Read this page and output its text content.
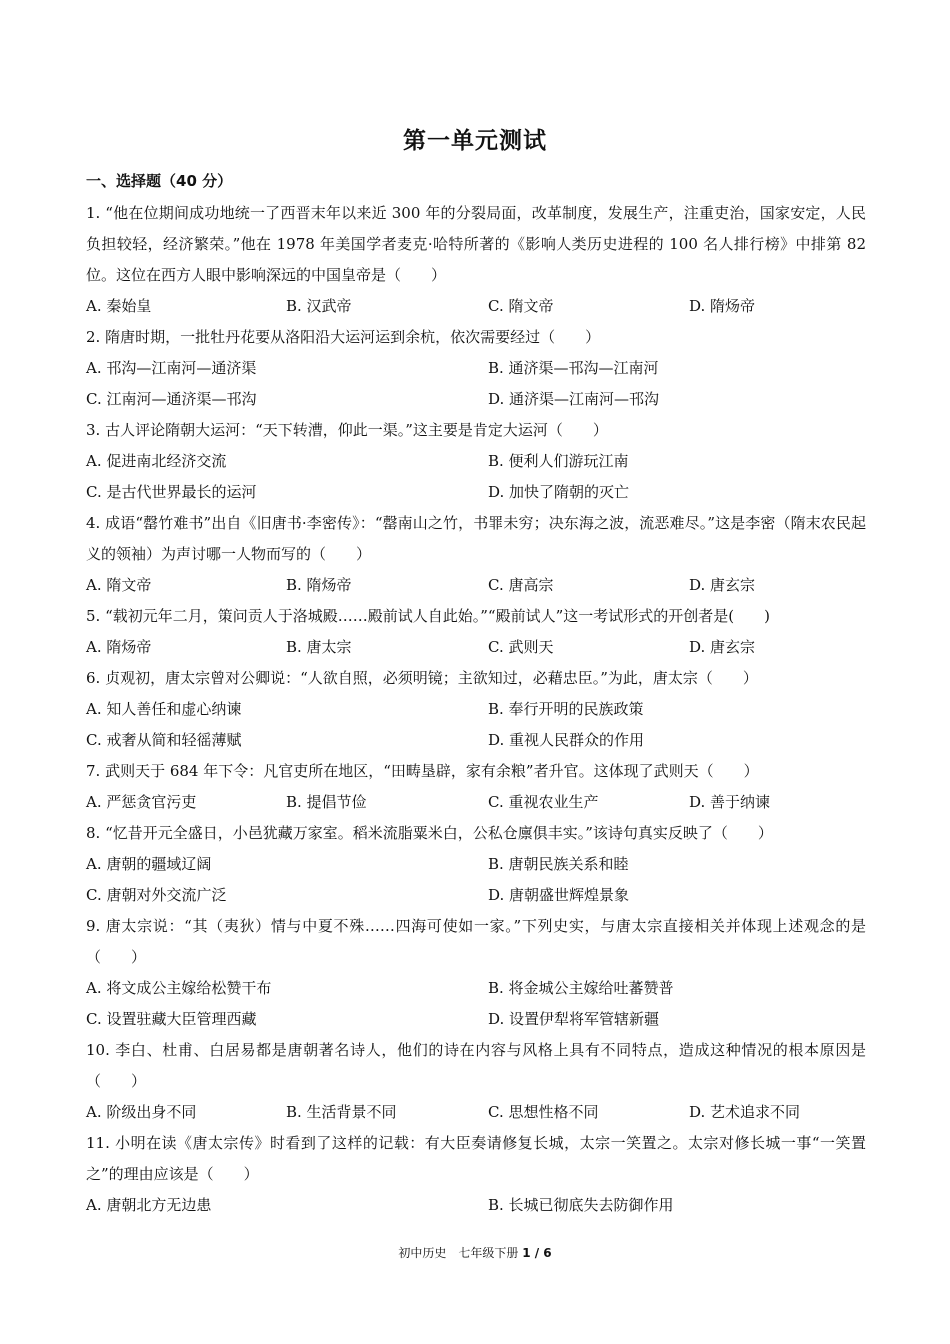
第一单元测试
一、选择题（40 分）
1. “他在位期间成功地统一了西晋末年以来近 300 年的分裂局面，改革制度，发展生产，注重吏治，国家安定，人民负担较轻，经济繁荣。”他在 1978 年美国学者麦克·哈特所著的《影响人类历史进程的 100 名人排行榜》中排第 82 位。这位在西方人眼中影响深远的中国皇帝是（　　）
A. 秦始皇	B. 汉武帝	C. 隋文帝	D. 隋炀帝
2. 隋唐时期，一批牡丹花要从洛阳沿大运河运到余杭，依次需要经过（　　）
A. 邗沟—江南河—通济渠	B. 通济渠—邗沟—江南河
C. 江南河—通济渠—邗沟	D. 通济渠—江南河—邗沟
3. 古人评论隋朝大运河：“天下转漕，仰此一渠。”这主要是肯定大运河（　　）
A. 促进南北经济交流	B. 便利人们游玩江南
C. 是古代世界最长的运河	D. 加快了隋朝的灭亡
4. 成语“罄竹难书”出自《旧唐书·李密传》：“罄南山之竹，书罪未穷；决东海之波，流恶难尽。”这是李密（隋末农民起义的领袖）为声讨哪一人物而写的（　　）
A. 隋文帝	B. 隋炀帝	C. 唐高宗	D. 唐玄宗
5. “载初元年二月，策问贡人于洛城殿……殿前试人自此始。”“殿前试人”这一考试形式的开创者是(　　)
A. 隋炀帝	B. 唐太宗	C. 武则天	D. 唐玄宗
6. 贞观初，唐太宗曾对公卿说：“人欲自照，必须明镜；主欲知过，必藉忠臣。”为此，唐太宗（　　）
A. 知人善任和虚心纳谏	B. 奉行开明的民族政策
C. 戒奢从简和轻徭薄赋	D. 重视人民群众的作用
7. 武则天于 684 年下令：凡官吏所在地区，“田畴垦辟，家有余粮”者升官。这体现了武则天（　　）
A. 严惩贪官污吏	B. 提倡节俭	C. 重视农业生产	D. 善于纳谏
8. “忆昔开元全盛日，小邑犹藏万家室。稻米流脂粟米白，公私仓廪俱丰实。”该诗句真实反映了（　　）
A. 唐朝的疆域辽阔	B. 唐朝民族关系和睦
C. 唐朝对外交流广泛	D. 唐朝盛世辉煌景象
9. 唐太宗说：“其（夷狄）情与中夏不殊……四海可使如一家。”下列史实，与唐太宗直接相关并体现上述观念的是（　　）
A. 将文成公主嫁给松赞干布	B. 将金城公主嫁给吐蕃赞普
C. 设置驻藏大臣管理西藏	D. 设置伊犁将军管辖新疆
10. 李白、杜甫、白居易都是唐朝著名诗人，他们的诗在内容与风格上具有不同特点，造成这种情况的根本原因是（　　）
A. 阶级出身不同	B. 生活背景不同	C. 思想性格不同	D. 艺术追求不同
11. 小明在读《唐太宗传》时看到了这样的记载：有大臣奏请修复长城，太宗一笑置之。太宗对修长城一事“一笑置之”的理由应该是（　　）
A. 唐朝北方无边患	B. 长城已彻底失去防御作用
初中历史　七年级下册 1 / 6
